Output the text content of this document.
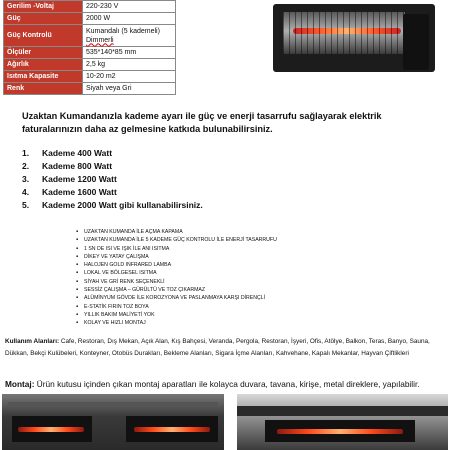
Gerilim -Voltaj	220-230 V
Güç	2000 W
Güç Kontrolü	Kumandalı (5 kademeli)
Dimmerli

Ölçüler	535*140*85 mm
Ağırlık	2,5 kg
Isıtma Kapasite	10-20 m2
Renk	Siyah veya Gri
Uzaktan Kumandanızla kademe ayarı ile güç ve enerji tasarrufu sağlayarak elektrik faturalarınızın daha az gelmesine katkıda bulunabilirsiniz.
1. Kademe 400 Watt
2. Kademe 800 Watt
3. Kademe 1200 Watt
4. Kademe 1600 Watt
5. Kademe 2000 Watt gibi kullanabilirsiniz.
▪ UZAKTAN KUMANDA İLE AÇMA KAPAMA
▪ UZAKTAN KUMANDA İLE 5 KADEME GÜÇ KONTROLU İLE ENERJİ TASARRUFU
▪ 1 SN DE ISI VE IŞIK İLE ANI ISITMA
▪ DİKEY VE YATAY ÇALIŞMA
▪ HALOJEN GOLD INFRARED LAMBA
▪ LOKAL VE BÖLGESEL ISITMA
▪ SİYAH VE GRİ RENK SEÇENEKLİ
▪ SESSİZ ÇALIŞMA – GÜRÜLTÜ VE TOZ ÇIKARMAZ
▪ ALÜMİNYUM GÖVDE İLE KOROZYONA VE PASLANMAYA KARŞI DİRENÇLİ
▪ E-STATİK FIRIN TOZ BOYA
▪ YILLIK BAKIM MALİYETİ YOK
▪ KOLAY VE HIZLI MONTAJ
Kullanım Alanları: Cafe, Restoran, Dış Mekan, Açık Alan, Kış Bahçesi, Veranda, Pergola, Restoran, İşyeri, Ofis, Atölye, Balkon, Teras, Banyo, Sauna, Dükkan, Bekçi Kulübeleri, Konteyner, Otobüs Durakları, Bekleme Alanları, Sigara İçme Alanları, Kahvehane, Kapalı Mekanlar, Hayvan Çiftlikleri
Montaj: Ürün kutusu içinden çıkan montaj aparatları ile kolayca duvara, tavana, kirişe, metal direklere, yapılabilir.
